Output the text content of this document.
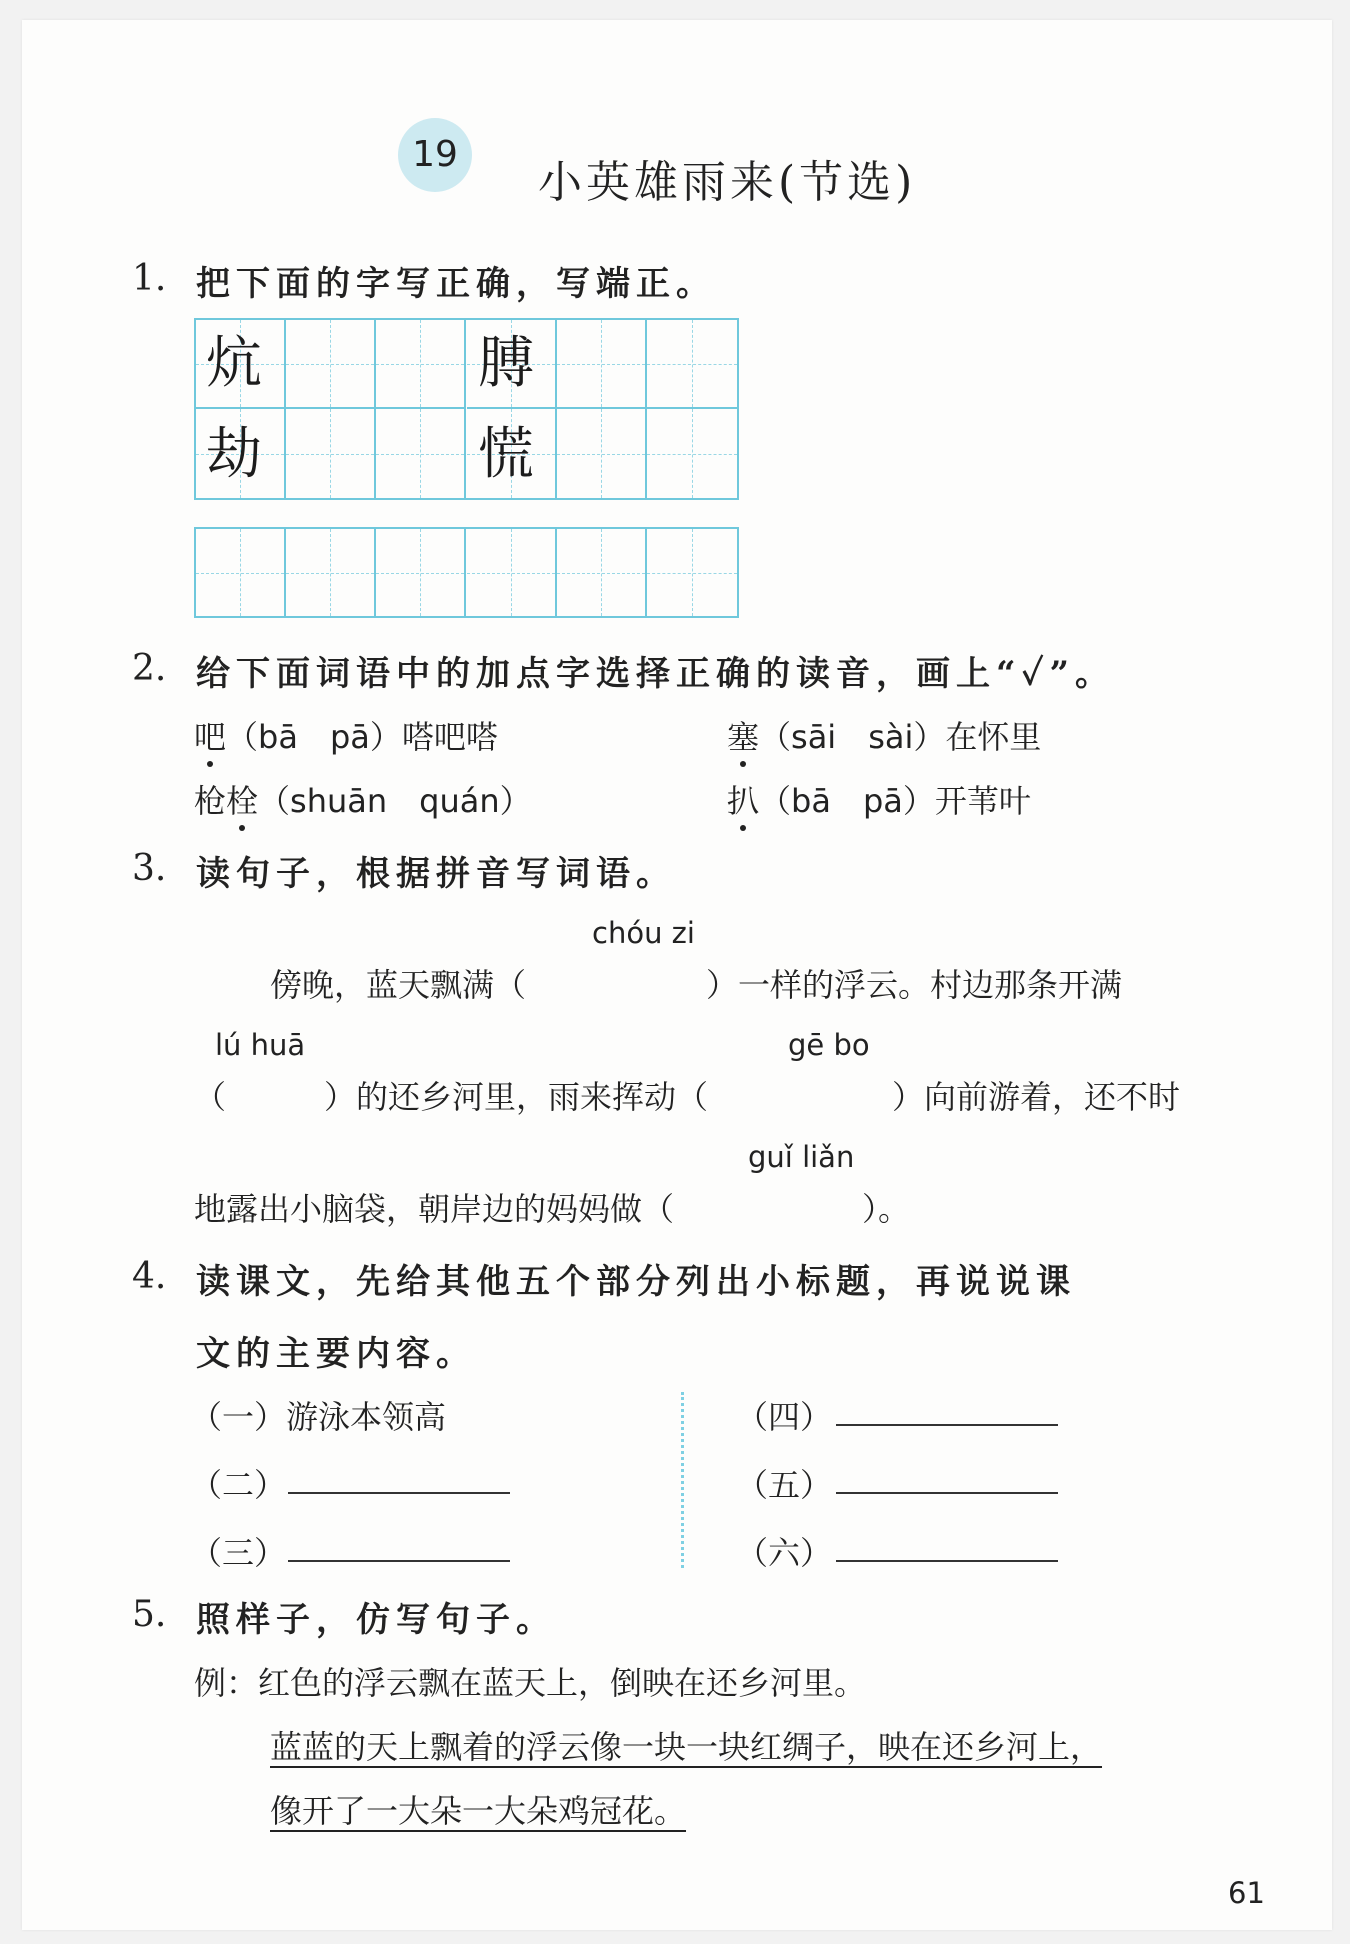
19
小英雄雨来(节选)
1. 把下面的字写正确，写端正。
炕	膊
劫	慌
2. 给下面词语中的加点字选择正确的读音，画上“✓”。
吧（bā　pā）嗒吧嗒	塞（sāi　sài）在怀里
枪栓（shuān　quán）	扒（bā　pā）开苇叶
3. 读句子，根据拼音写词语。
chóu zi
傍晚，蓝天飘满（	）一样的浮云。村边那条开满
lú huā	gē bo
（	）的还乡河里，雨来挥动（	）向前游着，还不时
guǐ liǎn
地露出小脑袋，朝岸边的妈妈做（	）。
4. 读课文，先给其他五个部分列出小标题，再说说课
文的主要内容。
（一）游泳本领高
（二）
（三）
（四）
（五）
（六）
5. 照样子，仿写句子。
例：红色的浮云飘在蓝天上，倒映在还乡河里。
蓝蓝的天上飘着的浮云像一块一块红绸子，映在还乡河上，
像开了一大朵一大朵鸡冠花。
61
